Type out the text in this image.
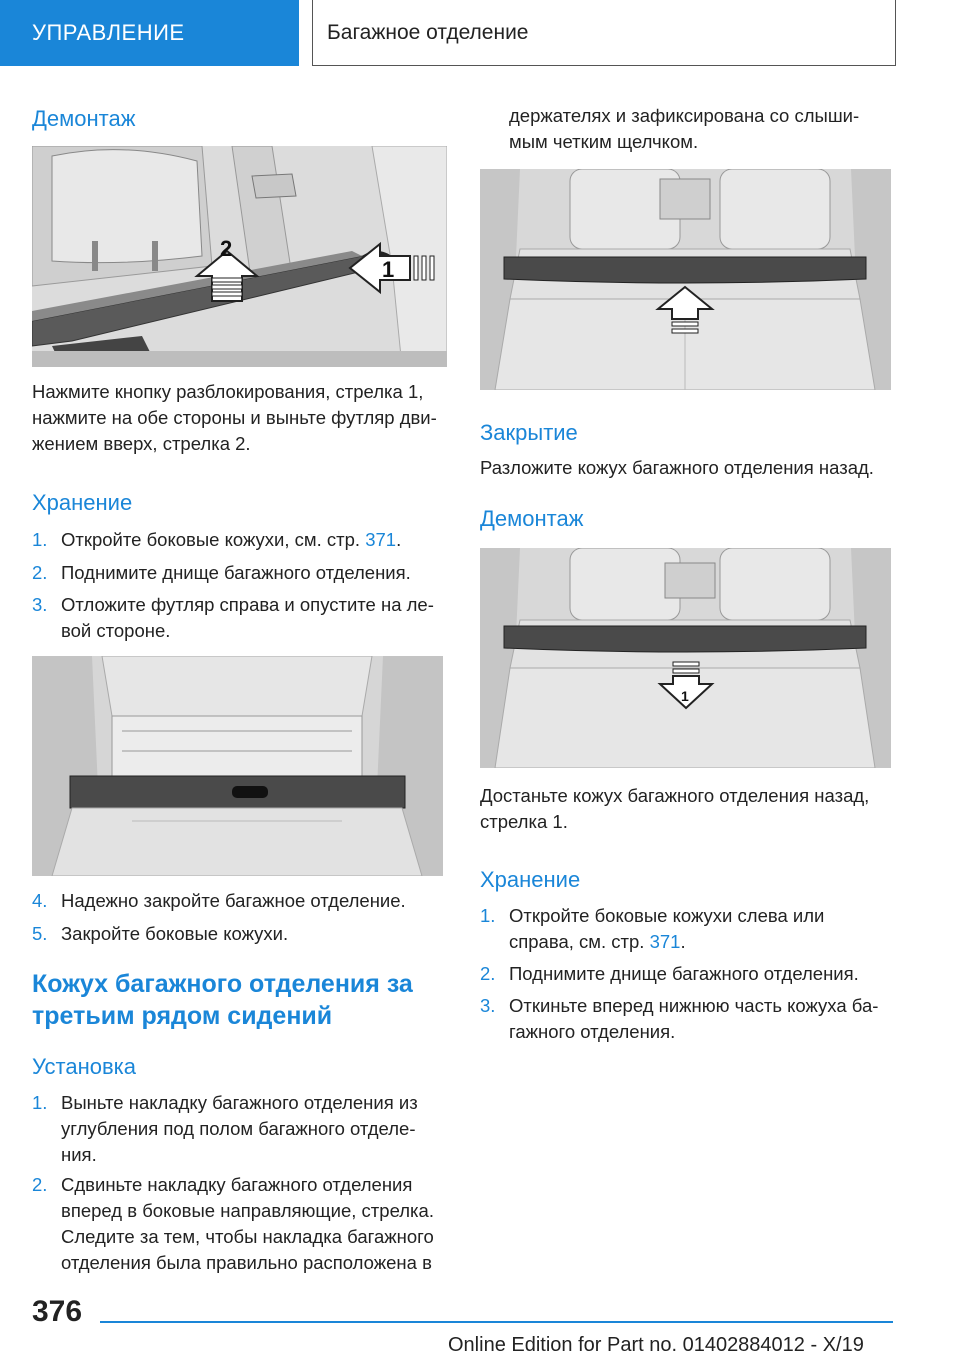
УПРАВЛЕНИЕ	Багажное отделение
Демонтаж
2
1
Нажмите кнопку разблокирования, стрелка 1,
нажмите на обе стороны и выньте футляр дви-
жением вверх, стрелка 2.
Хранение
1. Откройте боковые кожухи, см. стр. 371.
2. Поднимите днище багажного отделения.
3. Отложите футляр справа и опустите на ле-
вой стороне.
4. Надежно закройте багажное отделение.
5. Закройте боковые кожухи.
Кожух багажного отделения за
третьим рядом сидений
Установка
1. Выньте накладку багажного отделения из
углубления под полом багажного отделе-
ния.
2. Сдвиньте накладку багажного отделения
вперед в боковые направляющие, стрелка.
Следите за тем, чтобы накладка багажного
отделения была правильно расположена в
держателях и зафиксирована со слыши-
мым четким щелчком.
Закрытие
Разложите кожух багажного отделения назад.
Демонтаж
1
Достаньте кожух багажного отделения назад,
стрелка 1.
Хранение
1. Откройте боковые кожухи слева или
справа, см. стр. 371.
2. Поднимите днище багажного отделения.
3. Откиньте вперед нижнюю часть кожуха ба-
гажного отделения.
376
Online Edition for Part no. 01402884012 - X/19
